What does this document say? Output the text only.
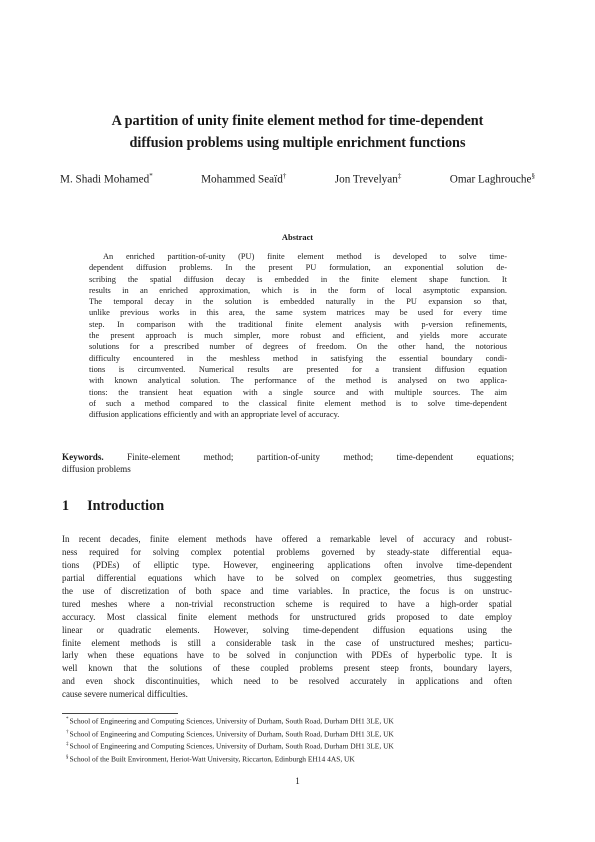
A partition of unity finite element method for time-dependent
diffusion problems using multiple enrichment functions
M. Shadi Mohamed*	Mohammed Seaïd†	Jon Trevelyan‡	Omar Laghrouche§
Abstract
An enriched partition-of-unity (PU) finite element method is developed to solve time-
dependent diffusion problems. In the present PU formulation, an exponential solution de-
scribing the spatial diffusion decay is embedded in the finite element shape function. It
results in an enriched approximation, which is in the form of local asymptotic expansion.
The temporal decay in the solution is embedded naturally in the PU expansion so that,
unlike previous works in this area, the same system matrices may be used for every time
step. In comparison with the traditional finite element analysis with p-version refinements,
the present approach is much simpler, more robust and efficient, and yields more accurate
solutions for a prescribed number of degrees of freedom. On the other hand, the notorious
difficulty encountered in the meshless method in satisfying the essential boundary condi-
tions is circumvented. Numerical results are presented for a transient diffusion equation
with known analytical solution. The performance of the method is analysed on two applica-
tions: the transient heat equation with a single source and with multiple sources. The aim
of such a method compared to the classical finite element method is to solve time-dependent
diffusion applications efficiently and with an appropriate level of accuracy.
Keywords.	Finite-element method; partition-of-unity method; time-dependent equations;
diffusion problems
1 Introduction
In recent decades, finite element methods have offered a remarkable level of accuracy and robust-
ness required for solving complex potential problems governed by steady-state differential equa-
tions (PDEs) of elliptic type. However, engineering applications often involve time-dependent
partial differential equations which have to be solved on complex geometries, thus suggesting
the use of discretization of both space and time variables. In practice, the focus is on unstruc-
tured meshes where a non-trivial reconstruction scheme is required to have a high-order spatial
accuracy. Most classical finite element methods for unstructured grids proposed to date employ
linear or quadratic elements. However, solving time-dependent diffusion equations using the
finite element methods is still a considerable task in the case of unstructured meshes; particu-
larly when these equations have to be solved in conjunction with PDEs of hyperbolic type. It is
well known that the solutions of these coupled problems present steep fronts, boundary layers,
and even shock discontinuities, which need to be resolved accurately in applications and often
cause severe numerical difficulties.
*School of Engineering and Computing Sciences, University of Durham, South Road, Durham DH1 3LE, UK
†School of Engineering and Computing Sciences, University of Durham, South Road, Durham DH1 3LE, UK
‡School of Engineering and Computing Sciences, University of Durham, South Road, Durham DH1 3LE, UK
§School of the Built Environment, Heriot-Watt University, Riccarton, Edinburgh EH14 4AS, UK
1
